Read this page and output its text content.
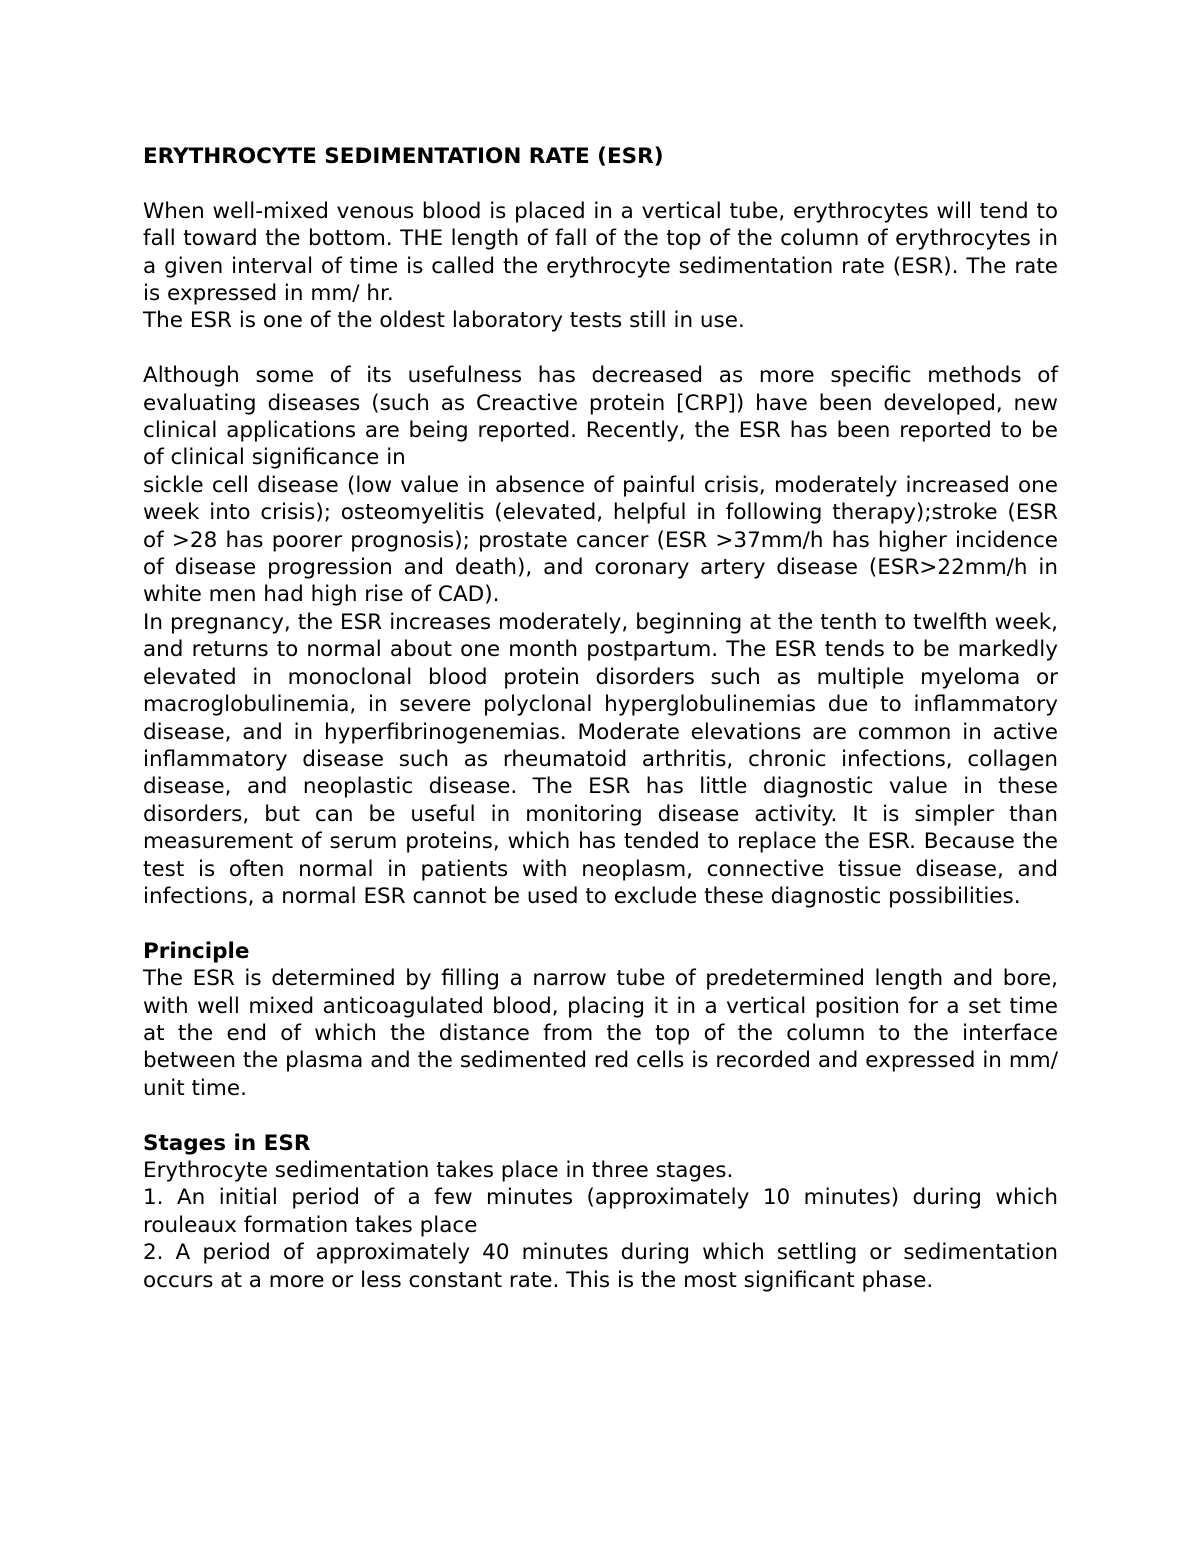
ERYTHROCYTE SEDIMENTATION RATE (ESR)

When well-mixed venous blood is placed in a vertical tube, erythrocytes will tend to fall toward the bottom. THE length of fall of the top of the column of erythrocytes in a given interval of time is called the erythrocyte sedimentation rate (ESR). The rate is expressed in mm/ hr.

The ESR is one of the oldest laboratory tests still in use.

Although some of its usefulness has decreased as more specific methods of evaluating diseases (such as Creactive protein [CRP]) have been developed, new clinical applications are being reported. Recently, the ESR has been reported to be of clinical significance in

sickle cell disease (low value in absence of painful crisis, moderately increased one week into crisis); osteomyelitis (elevated, helpful in following therapy);stroke (ESR of >28 has poorer prognosis); prostate cancer (ESR >37mm/h has higher incidence of disease progression and death), and coronary artery disease (ESR>22mm/h in white men had high rise of CAD).

In pregnancy, the ESR increases moderately, beginning at the tenth to twelfth week, and returns to normal about one month postpartum. The ESR tends to be markedly elevated in monoclonal blood protein disorders such as multiple myeloma or macroglobulinemia, in severe polyclonal hyperglobulinemias due to inflammatory disease, and in hyperfibrinogenemias. Moderate elevations are common in active inflammatory disease such as rheumatoid arthritis, chronic infections, collagen disease, and neoplastic disease. The ESR has little diagnostic value in these disorders, but can be useful in monitoring disease activity. It is simpler than measurement of serum proteins, which has tended to replace the ESR. Because the test is often normal in patients with neoplasm, connective tissue disease, and infections, a normal ESR cannot be used to exclude these diagnostic possibilities.

Principle

The ESR is determined by filling a narrow tube of predetermined length and bore, with well mixed anticoagulated blood, placing it in a vertical position for a set time at the end of which the distance from the top of the column to the interface between the plasma and the sedimented red cells is recorded and expressed in mm/ unit time.

Stages in ESR

Erythrocyte sedimentation takes place in three stages.

1. An initial period of a few minutes (approximately 10 minutes) during which rouleaux formation takes place

2. A period of approximately 40 minutes during which settling or sedimentation occurs at a more or less constant rate. This is the most significant phase.
